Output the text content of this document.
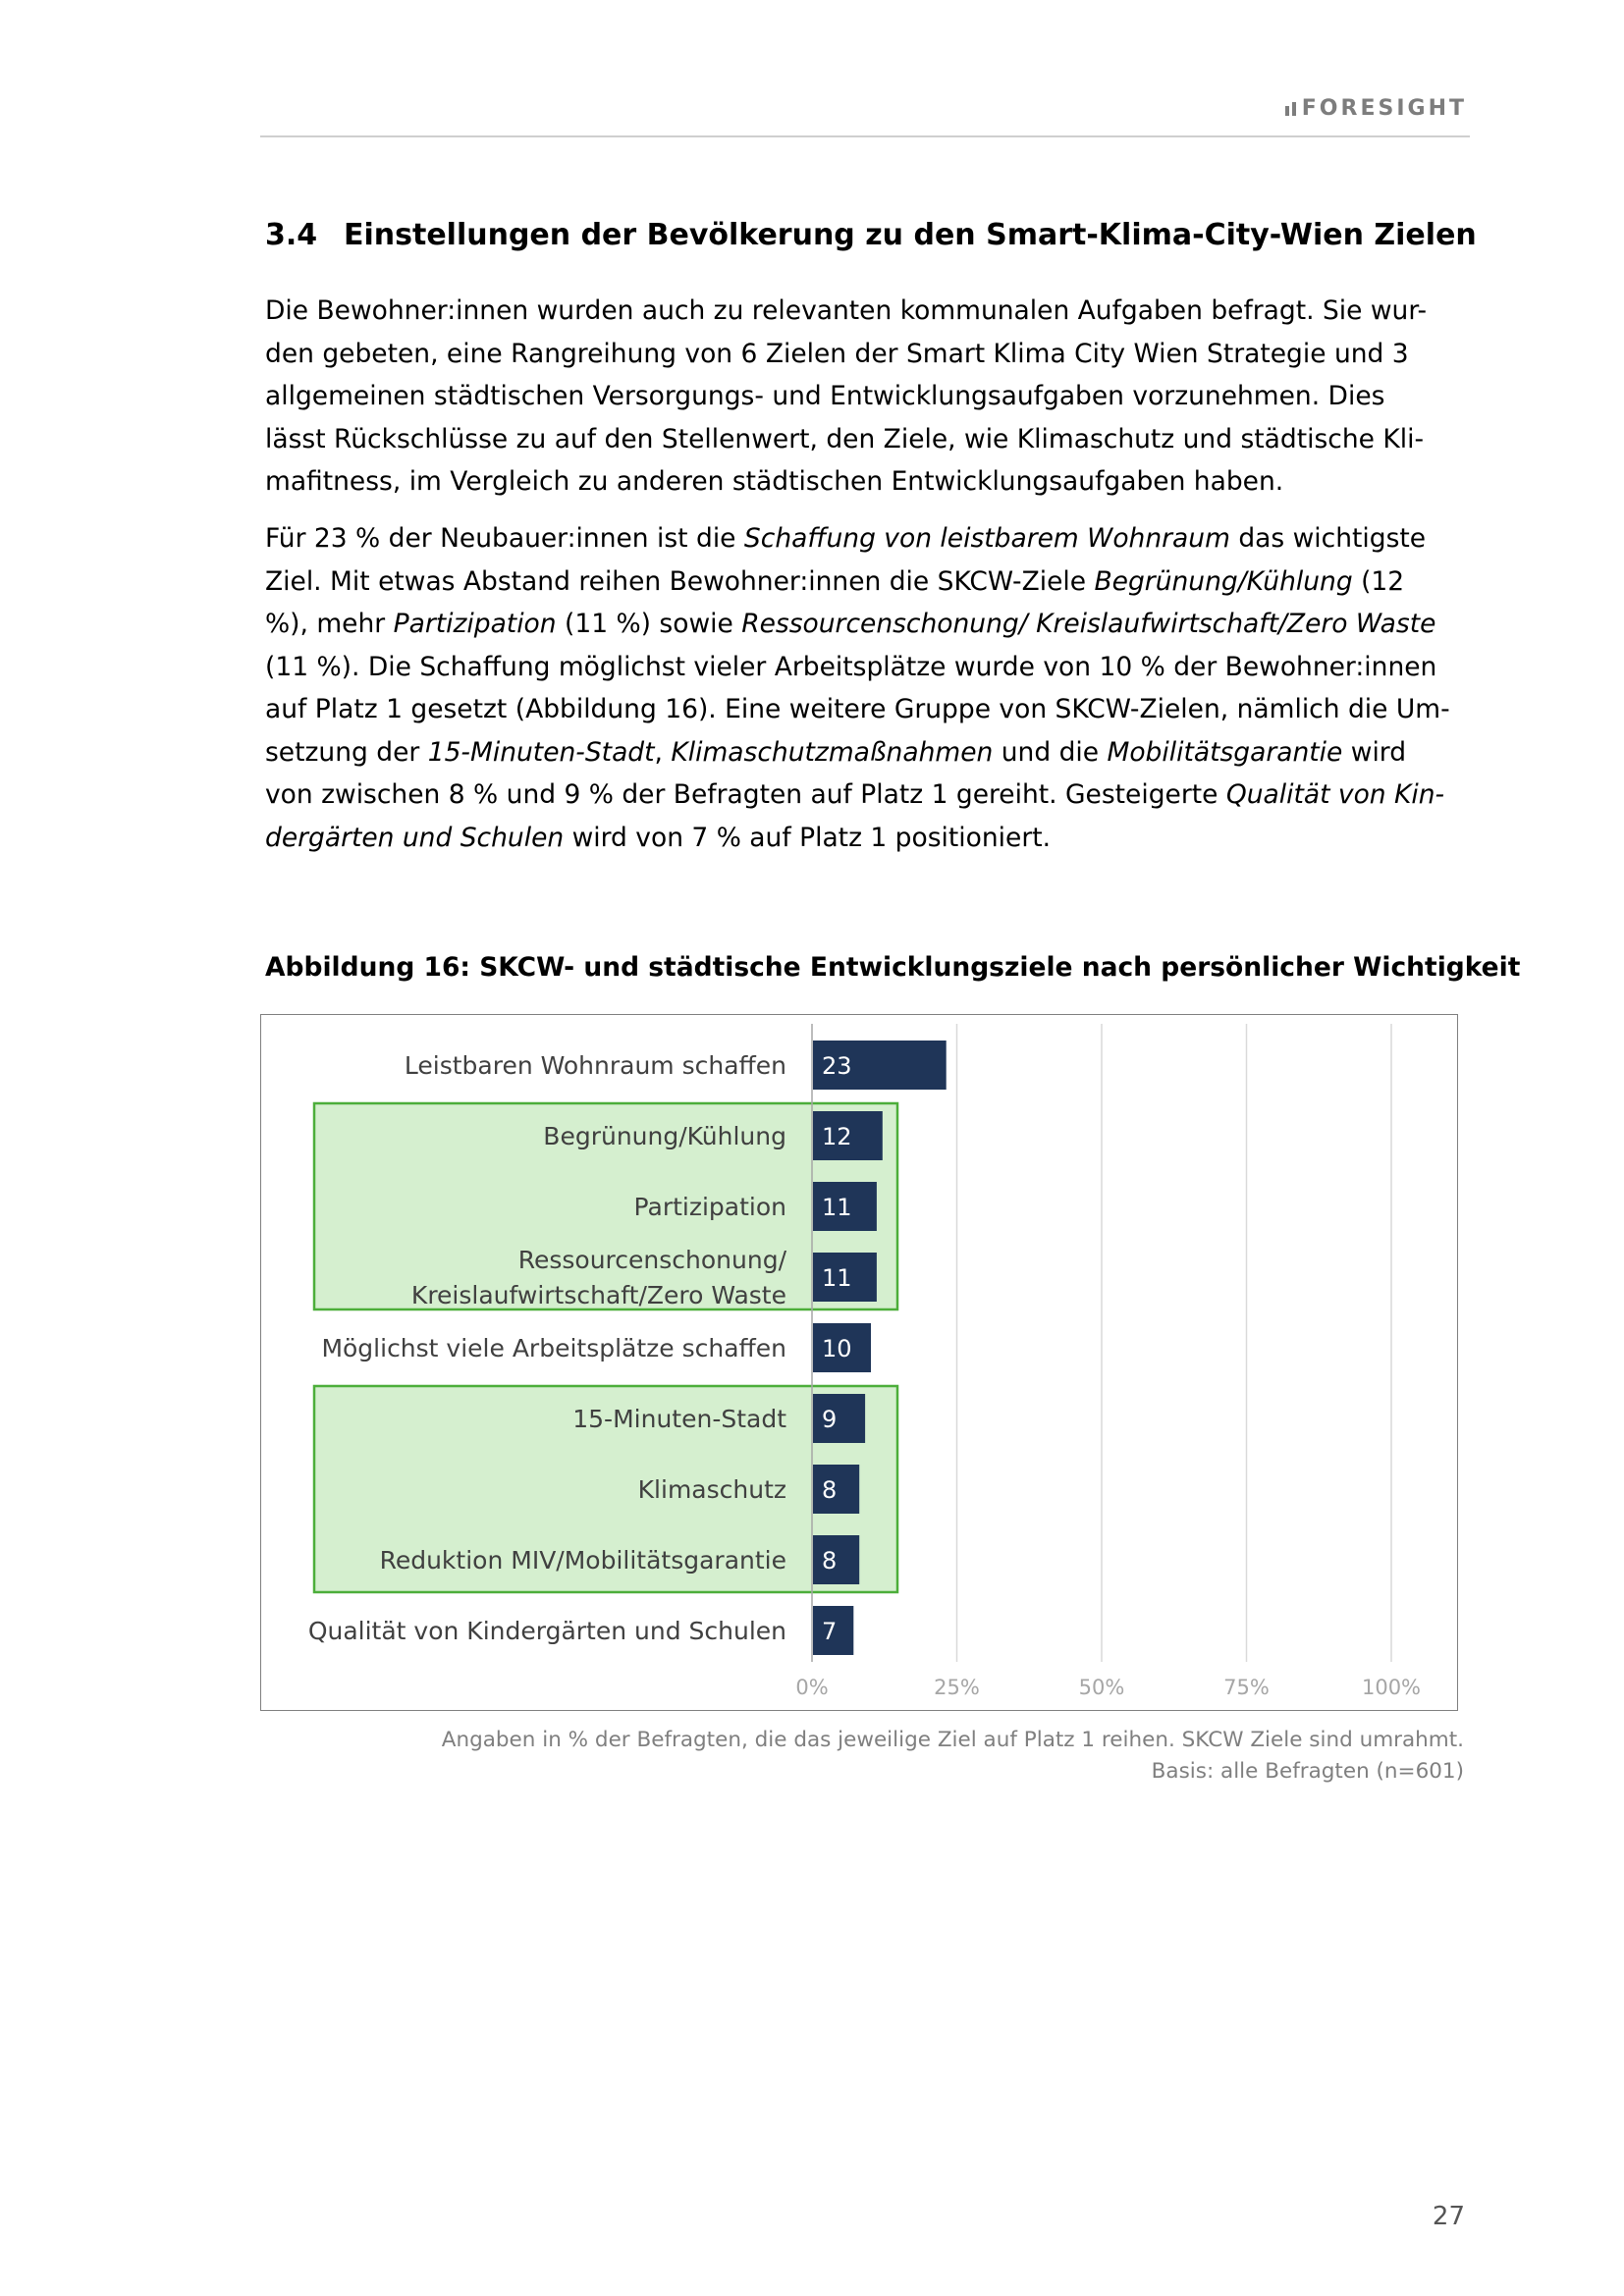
FORESIGHT
3.4 Einstellungen der Bevölkerung zu den Smart-Klima-City-Wien Zielen
Die Bewohner:innen wurden auch zu relevanten kommunalen Aufgaben befragt. Sie wur-
den gebeten, eine Rangreihung von 6 Zielen der Smart Klima City Wien Strategie und 3
allgemeinen städtischen Versorgungs- und Entwicklungsaufgaben vorzunehmen. Dies
lässt Rückschlüsse zu auf den Stellenwert, den Ziele, wie Klimaschutz und städtische Kli-
mafitness, im Vergleich zu anderen städtischen Entwicklungsaufgaben haben.
Für 23 % der Neubauer:innen ist die Schaffung von leistbarem Wohnraum das wichtigste
Ziel. Mit etwas Abstand reihen Bewohner:innen die SKCW-Ziele Begrünung/Kühlung (12
%), mehr Partizipation (11 %) sowie Ressourcenschonung/ Kreislaufwirtschaft/Zero Waste
(11 %). Die Schaffung möglichst vieler Arbeitsplätze wurde von 10 % der Bewohner:innen
auf Platz 1 gesetzt (Abbildung 16). Eine weitere Gruppe von SKCW-Zielen, nämlich die Um-
setzung der 15-Minuten-Stadt, Klimaschutzmaßnahmen und die Mobilitätsgarantie wird
von zwischen 8 % und 9 % der Befragten auf Platz 1 gereiht. Gesteigerte Qualität von Kin-
dergärten und Schulen wird von 7 % auf Platz 1 positioniert.
Abbildung 16: SKCW- und städtische Entwicklungsziele nach persönlicher Wichtigkeit
23
Leistbaren Wohnraum schaffen
12
Begrünung/Kühlung
11
Partizipation
11
Ressourcenschonung/
Kreislaufwirtschaft/Zero Waste
10
Möglichst viele Arbeitsplätze schaffen
9
15-Minuten-Stadt
8
Klimaschutz
8
Reduktion MIV/Mobilitätsgarantie
7
Qualität von Kindergärten und Schulen
0%	25%	50%	75%	100%
Angaben in % der Befragten, die das jeweilige Ziel auf Platz 1 reihen. SKCW Ziele sind umrahmt.
Basis: alle Befragten (n=601)
27
